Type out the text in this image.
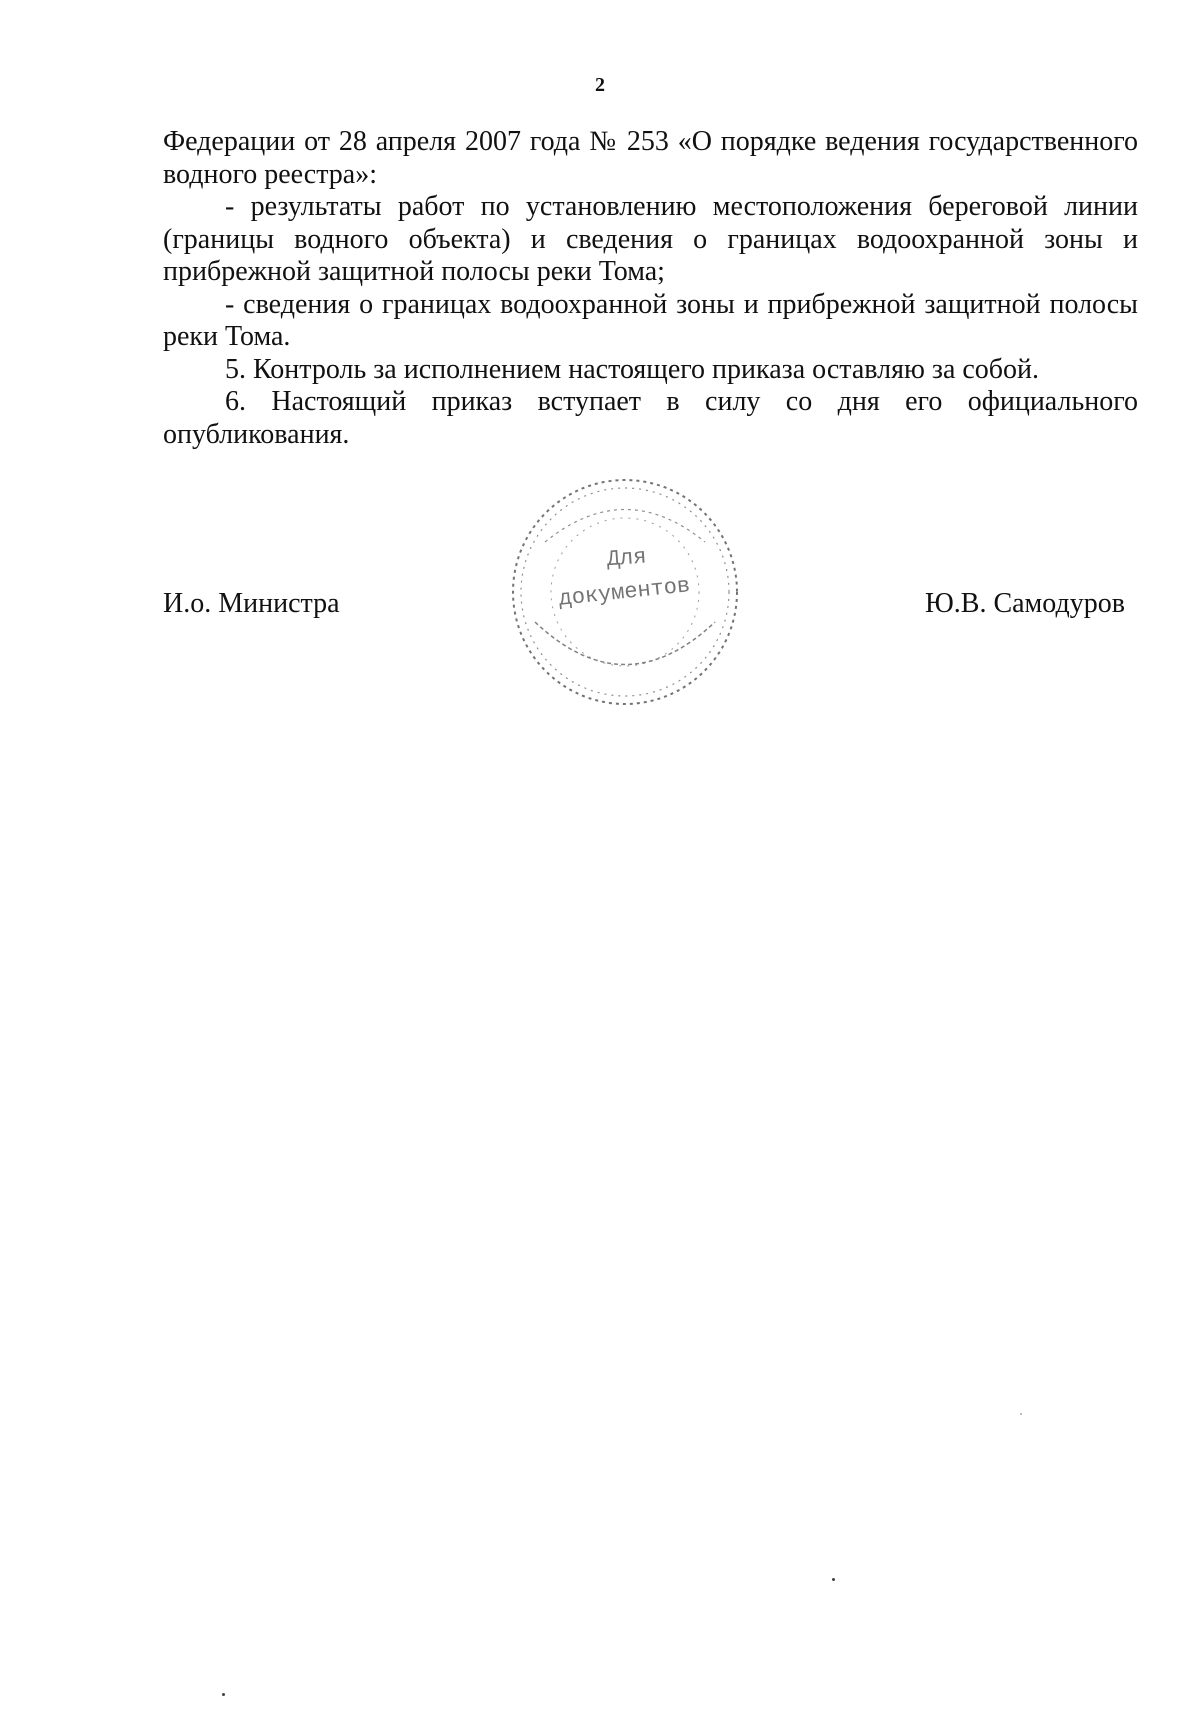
2

Федерации от 28 апреля 2007 года № 253 «О порядке ведения государственного водного реестра»:

- результаты работ по установлению местоположения береговой линии (границы водного объекта) и сведения о границах водоохранной зоны и прибрежной защитной полосы реки Тома;

- сведения о границах водоохранной зоны и прибрежной защитной полосы реки Тома.

5. Контроль за исполнением настоящего приказа оставляю за собой.

6. Настоящий приказ вступает в силу со дня его официального опубликования.

И.о. Министра
Для
документов	Ю.В. Самодуров
